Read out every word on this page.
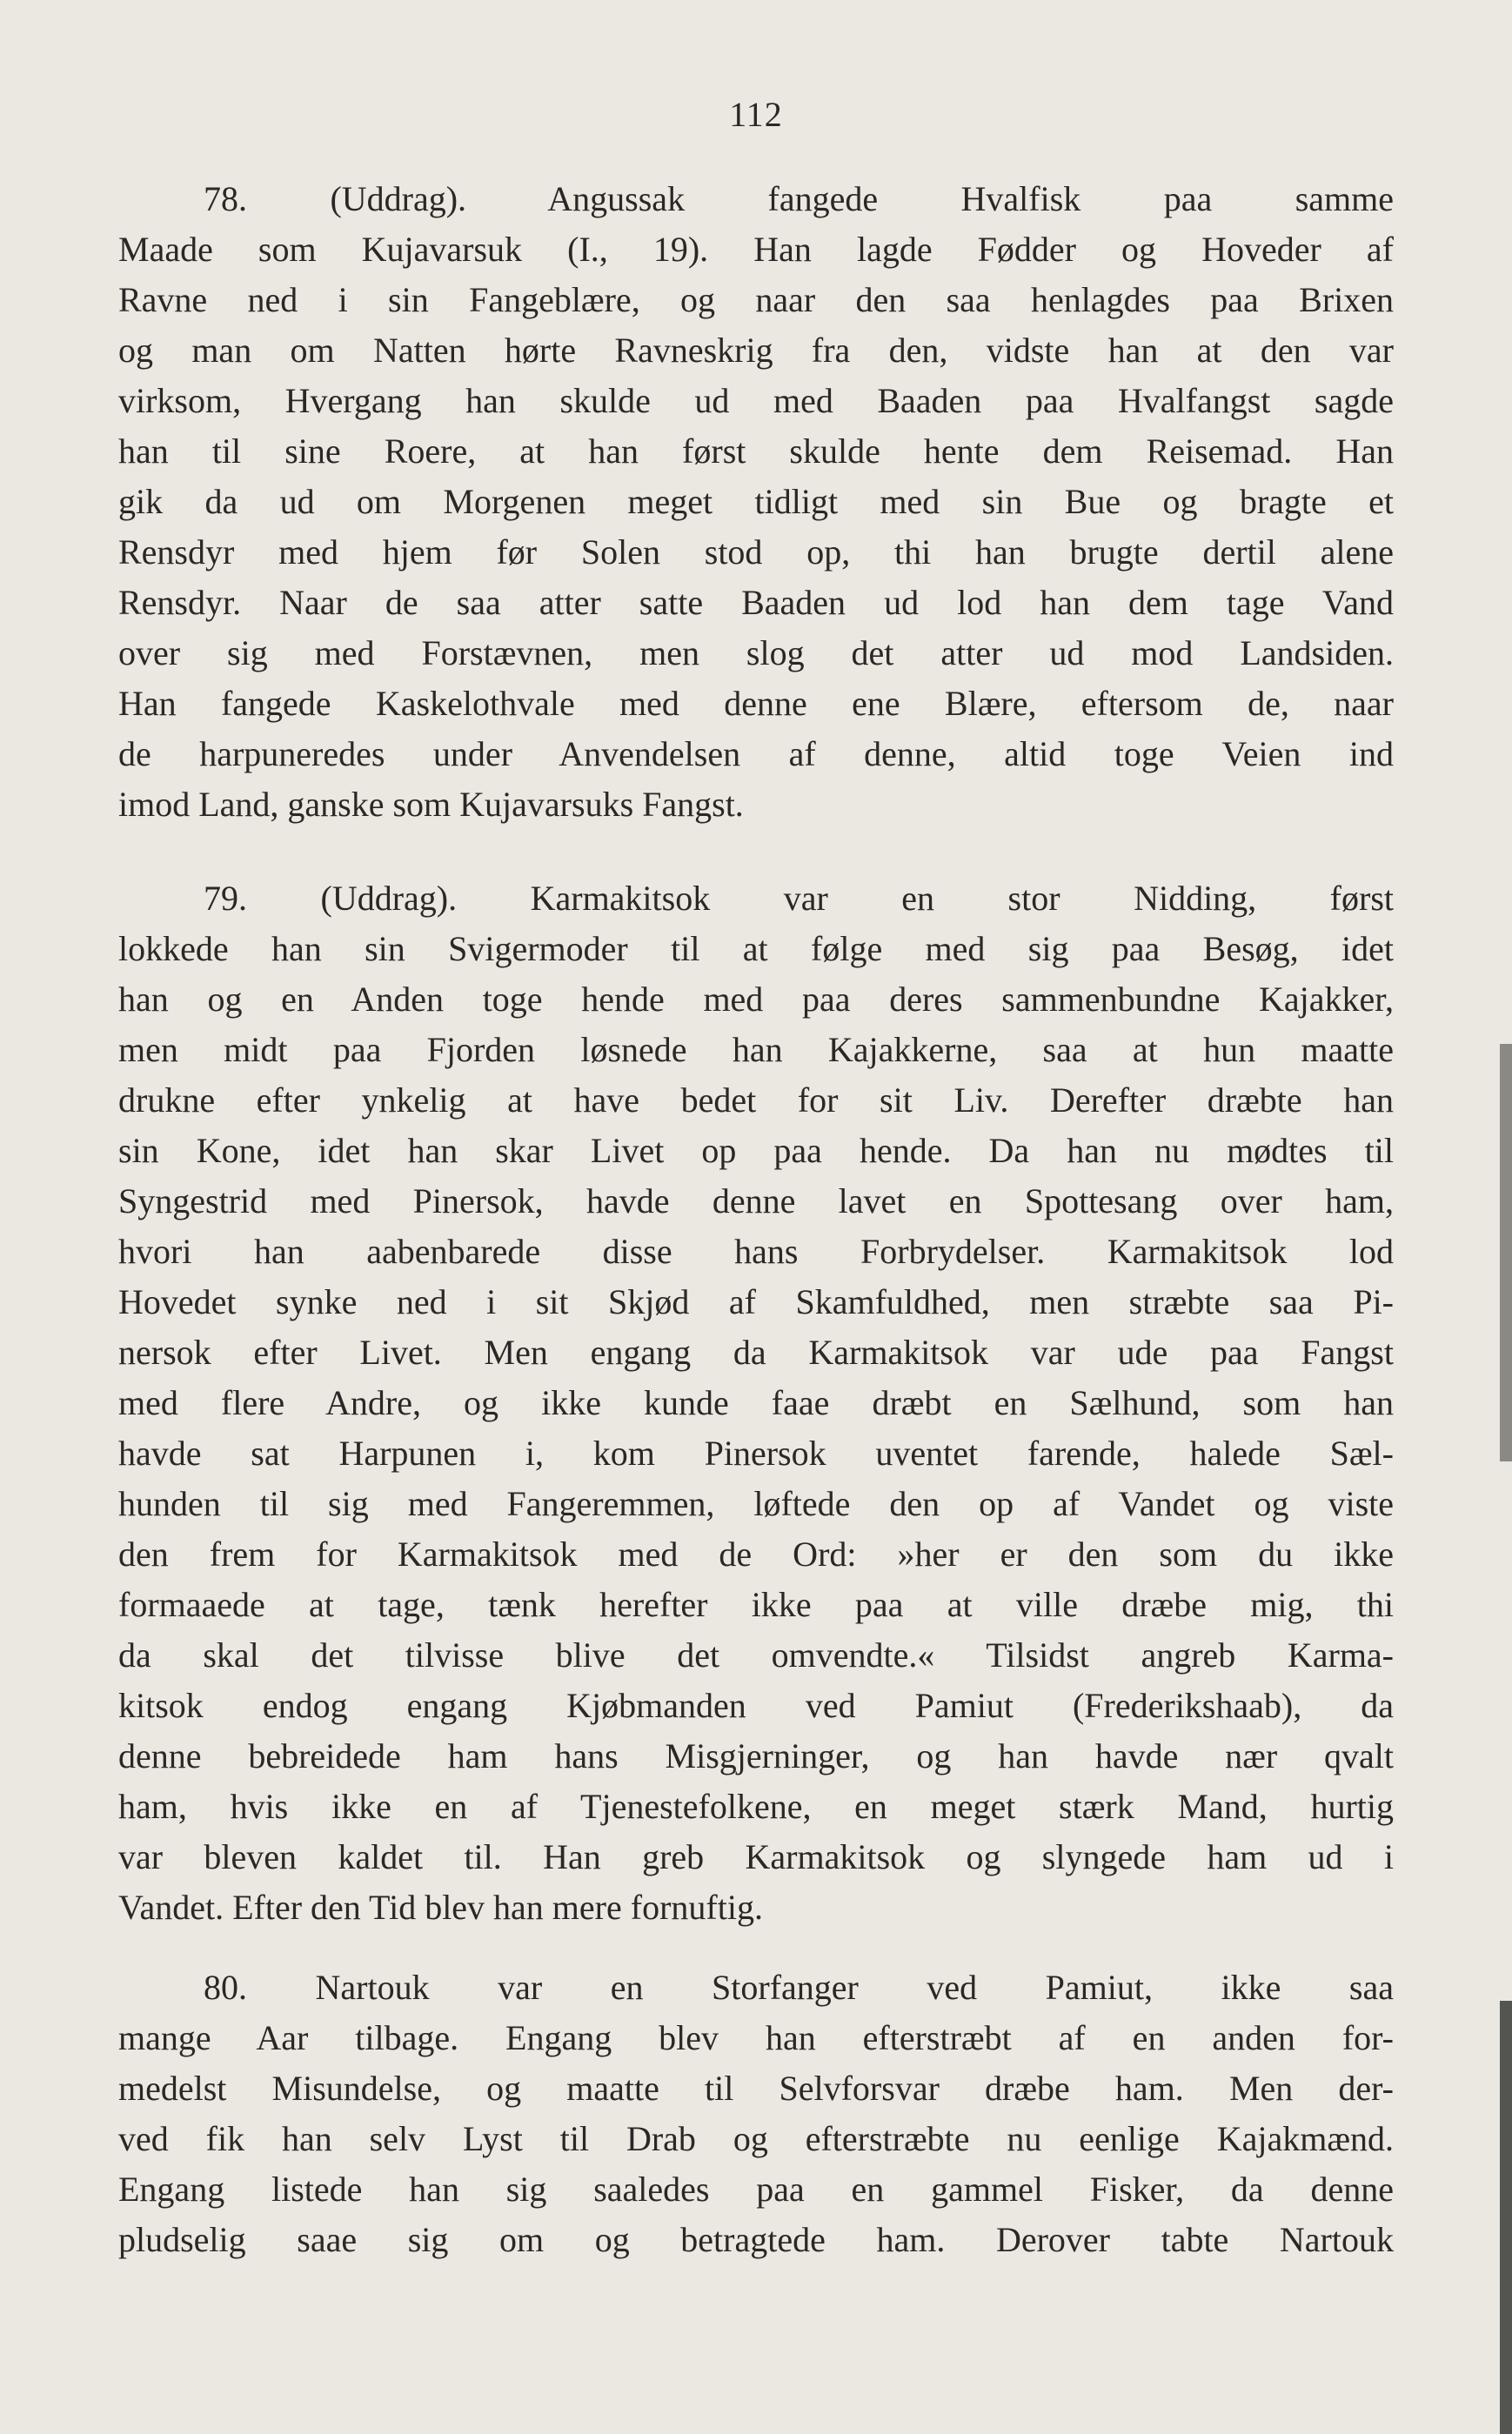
112
78. (Uddrag). Angussak fangede Hvalfisk paa samme
Maade som Kujavarsuk (I., 19). Han lagde Fødder og Hoveder af
Ravne ned i sin Fangeblære, og naar den saa henlagdes paa Brixen
og man om Natten hørte Ravneskrig fra den, vidste han at den var
virksom, Hvergang han skulde ud med Baaden paa Hvalfangst sagde
han til sine Roere, at han først skulde hente dem Reisemad. Han
gik da ud om Morgenen meget tidligt med sin Bue og bragte et
Rensdyr med hjem før Solen stod op, thi han brugte dertil alene
Rensdyr. Naar de saa atter satte Baaden ud lod han dem tage Vand
over sig med Forstævnen, men slog det atter ud mod Landsiden.
Han fangede Kaskelothvale med denne ene Blære, eftersom de, naar
de harpuneredes under Anvendelsen af denne, altid toge Veien ind
imod Land, ganske som Kujavarsuks Fangst.
79. (Uddrag). Karmakitsok var en stor Nidding, først
lokkede han sin Svigermoder til at følge med sig paa Besøg, idet
han og en Anden toge hende med paa deres sammenbundne Kajakker,
men midt paa Fjorden løsnede han Kajakkerne, saa at hun maatte
drukne efter ynkelig at have bedet for sit Liv. Derefter dræbte han
sin Kone, idet han skar Livet op paa hende. Da han nu mødtes til
Syngestrid med Pinersok, havde denne lavet en Spottesang over ham,
hvori han aabenbarede disse hans Forbrydelser. Karmakitsok lod
Hovedet synke ned i sit Skjød af Skamfuldhed, men stræbte saa Pi-
nersok efter Livet. Men engang da Karmakitsok var ude paa Fangst
med flere Andre, og ikke kunde faae dræbt en Sælhund, som han
havde sat Harpunen i, kom Pinersok uventet farende, halede Sæl-
hunden til sig med Fangeremmen, løftede den op af Vandet og viste
den frem for Karmakitsok med de Ord: »her er den som du ikke
formaaede at tage, tænk herefter ikke paa at ville dræbe mig, thi
da skal det tilvisse blive det omvendte.« Tilsidst angreb Karma-
kitsok endog engang Kjøbmanden ved Pamiut (Frederikshaab), da
denne bebreidede ham hans Misgjerninger, og han havde nær qvalt
ham, hvis ikke en af Tjenestefolkene, en meget stærk Mand, hurtig
var bleven kaldet til. Han greb Karmakitsok og slyngede ham ud i
Vandet. Efter den Tid blev han mere fornuftig.
80. Nartouk var en Storfanger ved Pamiut, ikke saa
mange Aar tilbage. Engang blev han efterstræbt af en anden for-
medelst Misundelse, og maatte til Selvforsvar dræbe ham. Men der-
ved fik han selv Lyst til Drab og efterstræbte nu eenlige Kajakmænd.
Engang listede han sig saaledes paa en gammel Fisker, da denne
pludselig saae sig om og betragtede ham. Derover tabte Nartouk
